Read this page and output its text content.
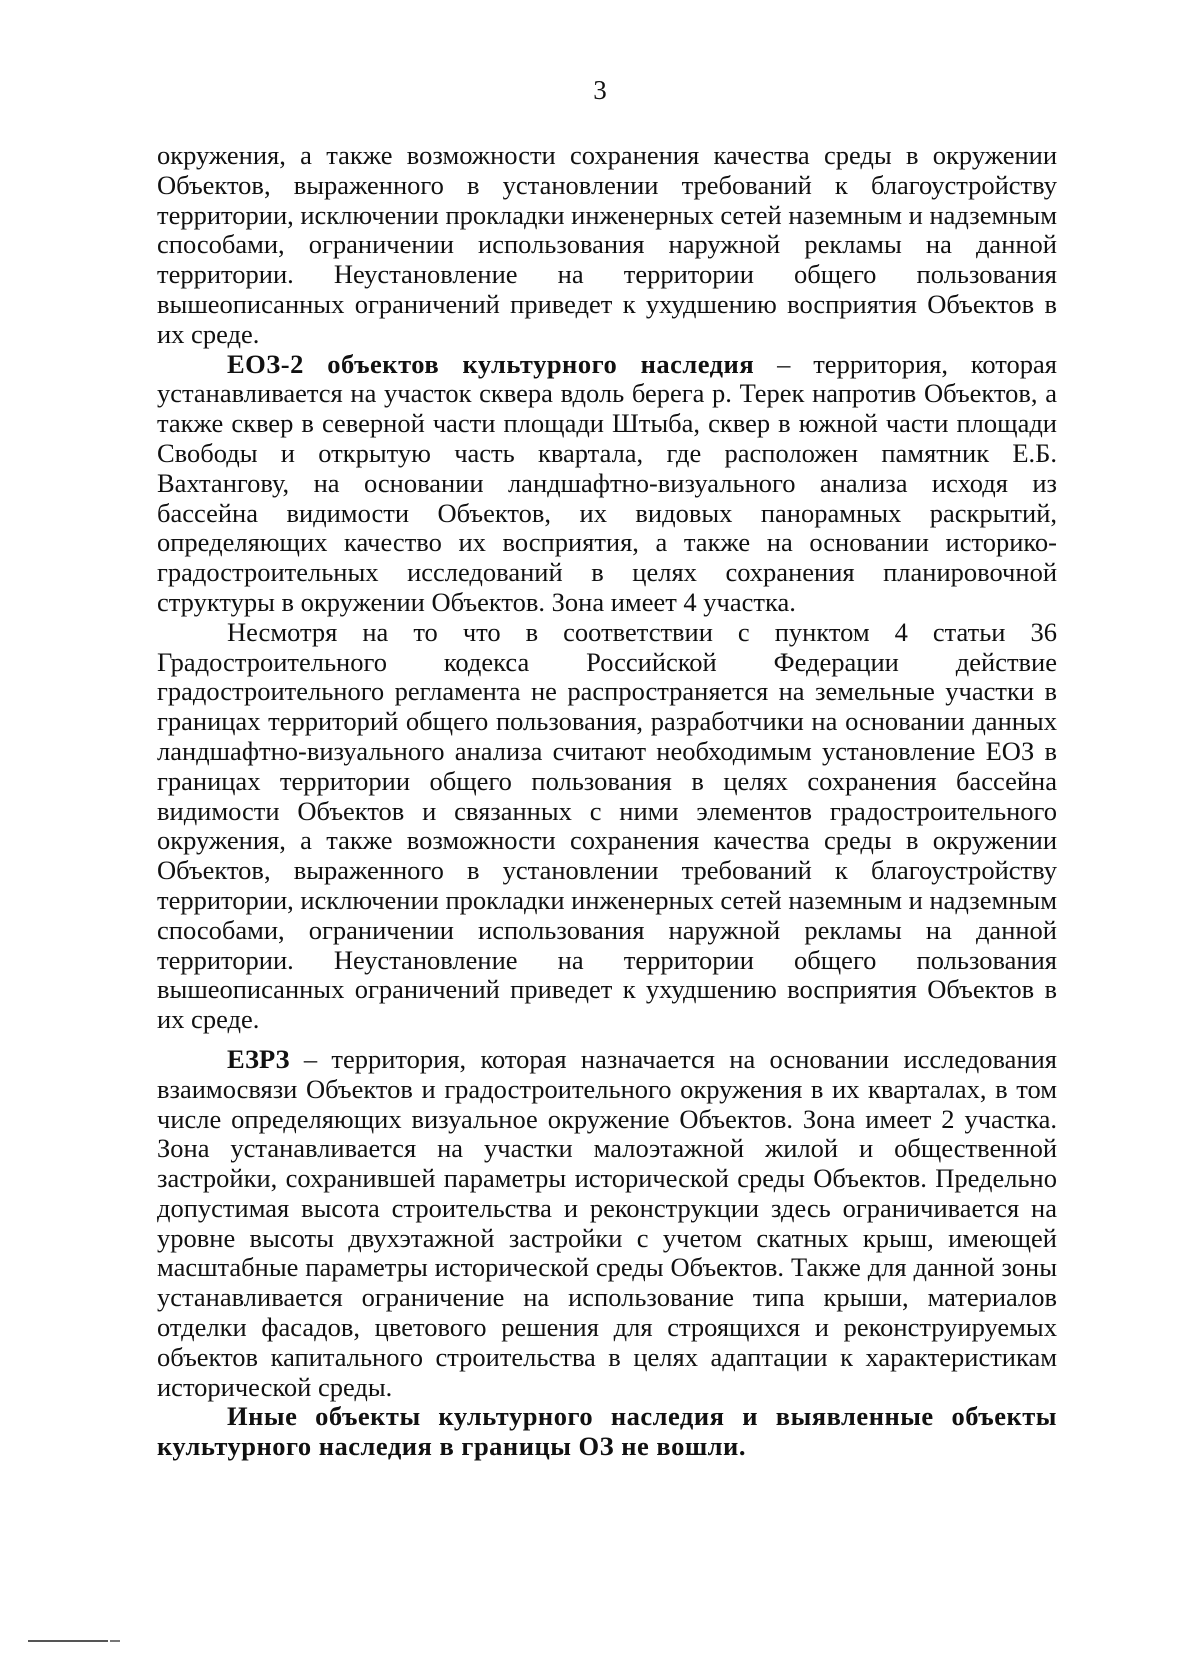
3

окружения, а также возможности сохранения качества среды в окружении Объектов, выраженного в установлении требований к благоустройству территории, исключении прокладки инженерных сетей наземным и надземным способами, ограничении использования наружной рекламы на данной территории. Неустановление на территории общего пользования вышеописанных ограничений приведет к ухудшению восприятия Объектов в их среде.

ЕОЗ-2 объектов культурного наследия – территория, которая устанавливается на участок сквера вдоль берега р. Терек напротив Объектов, а также сквер в северной части площади Штыба, сквер в южной части площади Свободы и открытую часть квартала, где расположен памятник Е.Б. Вахтангову, на основании ландшафтно-визуального анализа исходя из бассейна видимости Объектов, их видовых панорамных раскрытий, определяющих качество их восприятия, а также на основании историко-градостроительных исследований в целях сохранения планировочной структуры в окружении Объектов. Зона имеет 4 участка.

Несмотря на то что в соответствии с пунктом 4 статьи 36 Градостроительного кодекса Российской Федерации действие градостроительного регламента не распространяется на земельные участки в границах территорий общего пользования, разработчики на основании данных ландшафтно-визуального анализа считают необходимым установление ЕОЗ в границах территории общего пользования в целях сохранения бассейна видимости Объектов и связанных с ними элементов градостроительного окружения, а также возможности сохранения качества среды в окружении Объектов, выраженного в установлении требований к благоустройству территории, исключении прокладки инженерных сетей наземным и надземным способами, ограничении использования наружной рекламы на данной территории. Неустановление на территории общего пользования вышеописанных ограничений приведет к ухудшению восприятия Объектов в их среде.

ЕЗРЗ – территория, которая назначается на основании исследования взаимосвязи Объектов и градостроительного окружения в их кварталах, в том числе определяющих визуальное окружение Объектов. Зона имеет 2 участка. Зона устанавливается на участки малоэтажной жилой и общественной застройки, сохранившей параметры исторической среды Объектов. Предельно допустимая высота строительства и реконструкции здесь ограничивается на уровне высоты двухэтажной застройки с учетом скатных крыш, имеющей масштабные параметры исторической среды Объектов. Также для данной зоны устанавливается ограничение на использование типа крыши, материалов отделки фасадов, цветового решения для строящихся и реконструируемых объектов капитального строительства в целях адаптации к характеристикам исторической среды.

Иные объекты культурного наследия и выявленные объекты культурного наследия в границы ОЗ не вошли.
